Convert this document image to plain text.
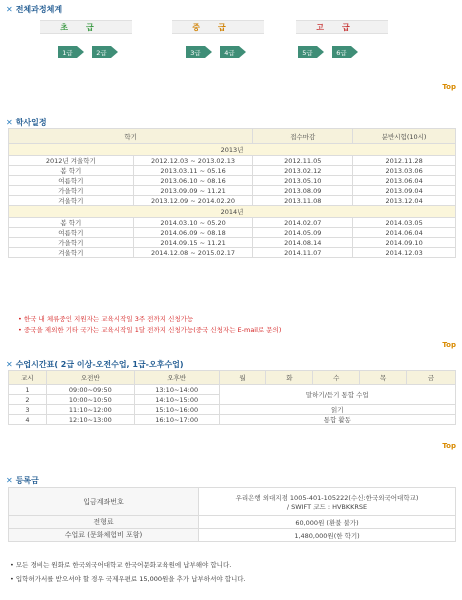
✕ 전체과정체계
초급	중급	고급
1급	2급	3급	4급	5급	6급
Top
✕ 학사일정
학기		접수마감	분반시험(10시)
2013년			
2012년 겨울학기	2012.12.03 ~ 2013.02.13	2012.11.05	2012.11.28
봄 학기	2013.03.11 ~ 05.16	2013.02.12	2013.03.06
여름학기	2013.06.10 ~ 08.16	2013.05.10	2013.06.04
가을학기	2013.09.09 ~ 11.21	2013.08.09	2013.09.04
겨울학기	2013.12.09 ~ 2014.02.20	2013.11.08	2013.12.04
2014년			
봄 학기	2014.03.10 ~ 05.20	2014.02.07	2014.03.05
여름학기	2014.06.09 ~ 08.18	2014.05.09	2014.06.04
가을학기	2014.09.15 ~ 11.21	2014.08.14	2014.09.10
겨울학기	2014.12.08 ~ 2015.02.17	2014.11.07	2014.12.03
• 한국 내 체류중인 지원자는 교육시작일 3주 전까지 신청가능
• 중국을 제외한 기타 국가는 교육시작일 1달 전까지 신청가능(중국 신청자는 E-mail로 문의)
Top
✕ 수업시간표( 2급 이상-오전수업, 1급-오후수업)
교시	오전반	오후반	월	화	수	목	금
1	09:00~09:50	13:10~14:00	말하기/듣기 통합 수업				
2	10:00~10:50	14:10~15:00					
3	11:10~12:00	15:10~16:00	읽기				
4	12:10~13:00	16:10~17:00	통합 활동				
Top
✕ 등록금
입금계좌번호	우리은행 외대지점 1005-401-105222(수신:한국외국어대학교)
/ SWIFT 코드 : HVBKKRSE

전형료	60,000원 (환불 불가)
수업료 (문화체험비 포함)	1,480,000원(한 학기)
• 모든 경비는 원화로 한국외국어대학교 한국어문화교육원에 납부해야 합니다.
• 입학허가서를 받으셔야 할 경우 국제우편료 15,000원을 추가 납부하셔야 합니다.
